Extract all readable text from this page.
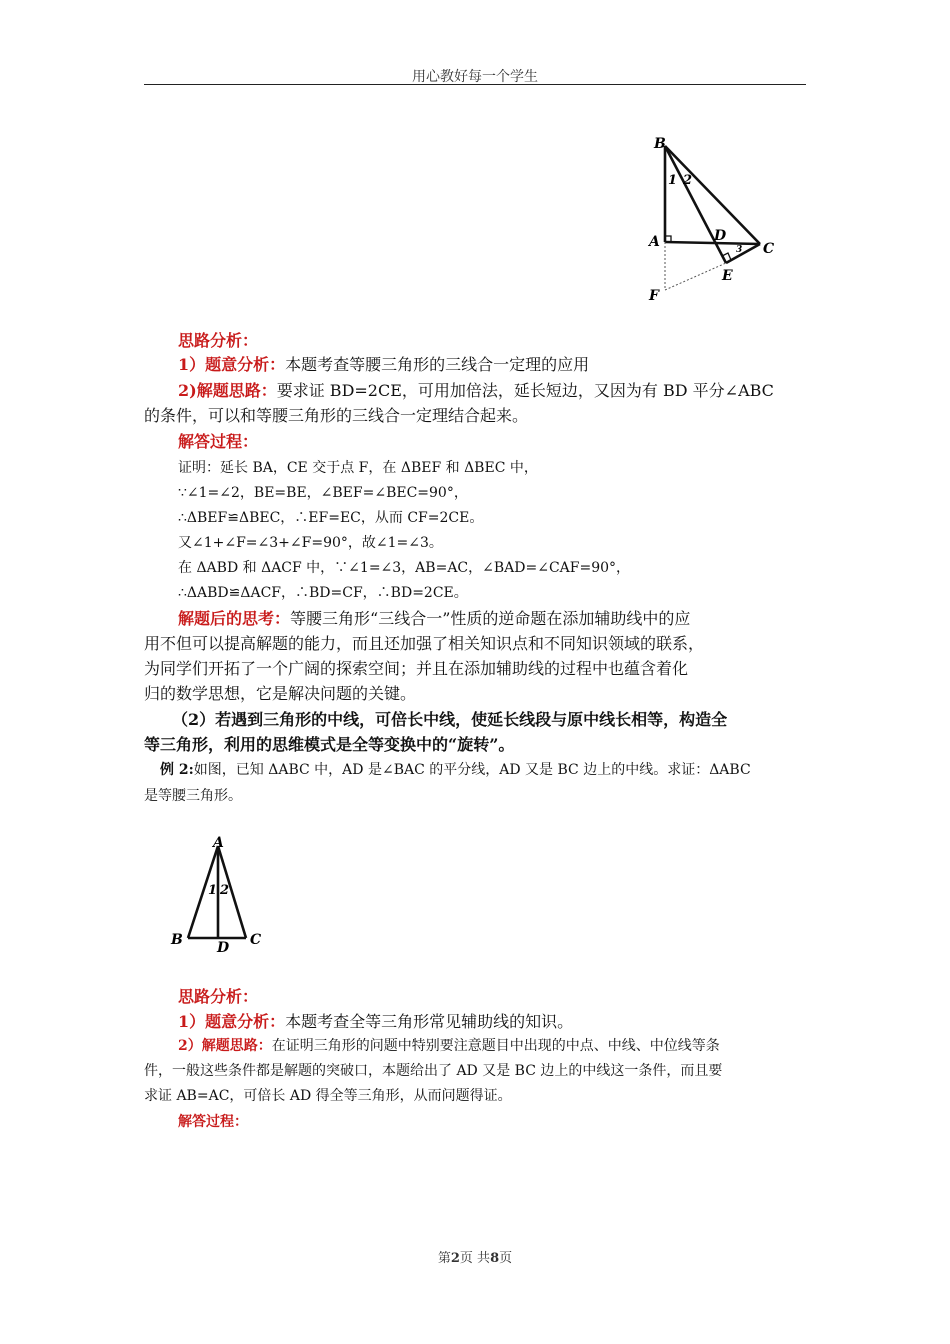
用心教好每一个学生
B
A	D
C
E
F
1 2
3
思路分析：
1）题意分析：本题考查等腰三角形的三线合一定理的应用
2)解题思路：要求证 BD=2CE，可用加倍法，延长短边，又因为有 BD 平分∠ABC
的条件，可以和等腰三角形的三线合一定理结合起来。
解答过程：
证明：延长 BA，CE 交于点 F，在 ΔBEF 和 ΔBEC 中，
∵∠1=∠2，BE=BE，∠BEF=∠BEC=90°，
∴ΔBEF≌ΔBEC，∴EF=EC，从而 CF=2CE。
又∠1+∠F=∠3+∠F=90°，故∠1=∠3。
在 ΔABD 和 ΔACF 中，∵∠1=∠3，AB=AC，∠BAD=∠CAF=90°，
∴ΔABD≌ΔACF，∴BD=CF，∴BD=2CE。
解题后的思考：等腰三角形“三线合一”性质的逆命题在添加辅助线中的应
用不但可以提高解题的能力，而且还加强了相关知识点和不同知识领域的联系，
为同学们开拓了一个广阔的探索空间；并且在添加辅助线的过程中也蕴含着化
归的数学思想，它是解决问题的关键。
（2）若遇到三角形的中线，可倍长中线，使延长线段与原中线长相等，构造全
等三角形，利用的思维模式是全等变换中的“旋转”。
例 2:如图，已知 ΔABC 中，AD 是∠BAC 的平分线，AD 又是 BC 边上的中线。求证：ΔABC
是等腰三角形。
A
B	C
D
1 2
思路分析：
1）题意分析：本题考查全等三角形常见辅助线的知识。
2）解题思路：在证明三角形的问题中特别要注意题目中出现的中点、中线、中位线等条
件，一般这些条件都是解题的突破口，本题给出了 AD 又是 BC 边上的中线这一条件，而且要
求证 AB=AC，可倍长 AD 得全等三角形，从而问题得证。
解答过程：
第2页 共8页
